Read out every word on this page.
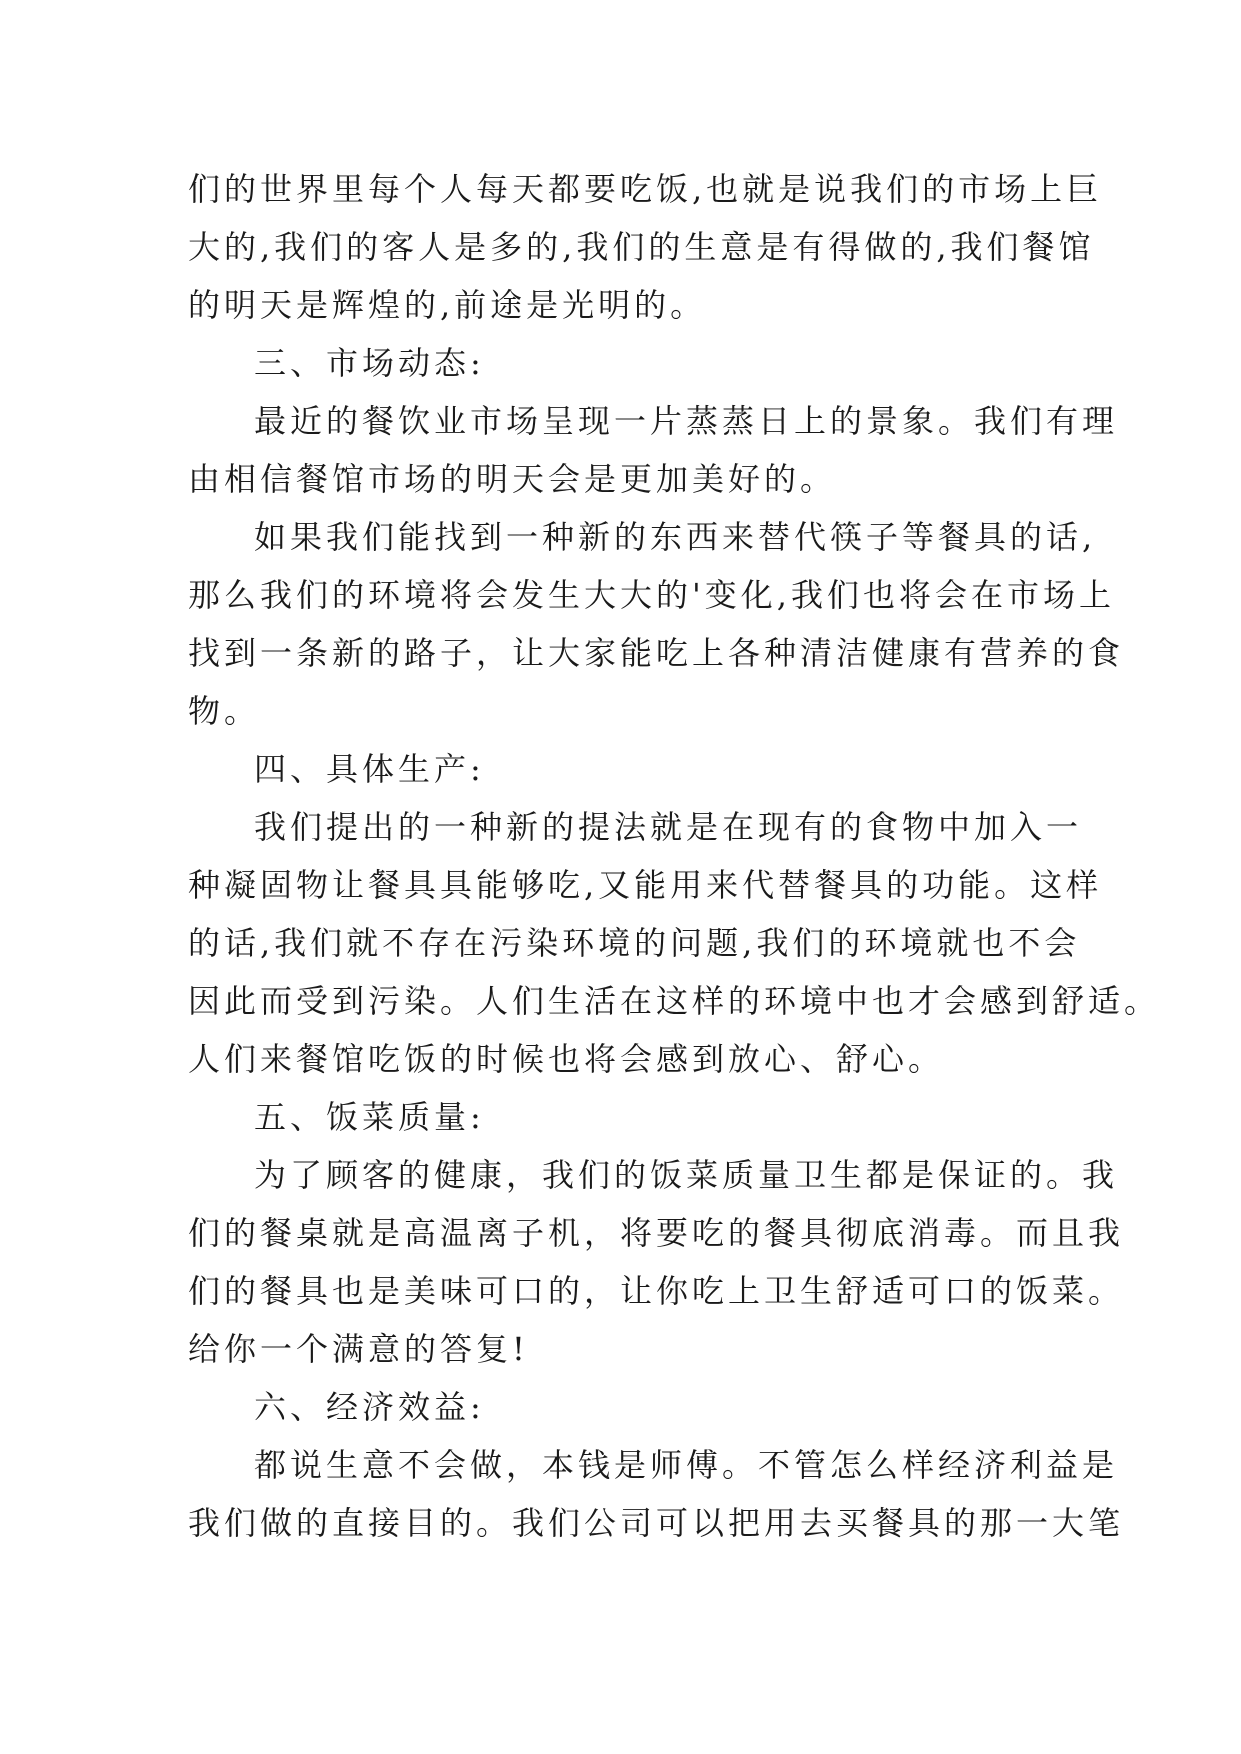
们的世界里每个人每天都要吃饭,也就是说我们的市场上巨
大的,我们的客人是多的,我们的生意是有得做的,我们餐馆
的明天是辉煌的,前途是光明的。
三、市场动态:
最近的餐饮业市场呈现一片蒸蒸日上的景象。我们有理
由相信餐馆市场的明天会是更加美好的。
如果我们能找到一种新的东西来替代筷子等餐具的话,
那么我们的环境将会发生大大的'变化,我们也将会在市场上
找到一条新的路子，让大家能吃上各种清洁健康有营养的食
物。
四、具体生产:
我们提出的一种新的提法就是在现有的食物中加入一
种凝固物让餐具具能够吃,又能用来代替餐具的功能。这样
的话,我们就不存在污染环境的问题,我们的环境就也不会
因此而受到污染。人们生活在这样的环境中也才会感到舒适。
人们来餐馆吃饭的时候也将会感到放心、舒心。
五、饭菜质量:
为了顾客的健康，我们的饭菜质量卫生都是保证的。我
们的餐桌就是高温离子机，将要吃的餐具彻底消毒。而且我
们的餐具也是美味可口的，让你吃上卫生舒适可口的饭菜。
给你一个满意的答复!
六、经济效益:
都说生意不会做，本钱是师傅。不管怎么样经济利益是
我们做的直接目的。我们公司可以把用去买餐具的那一大笔
